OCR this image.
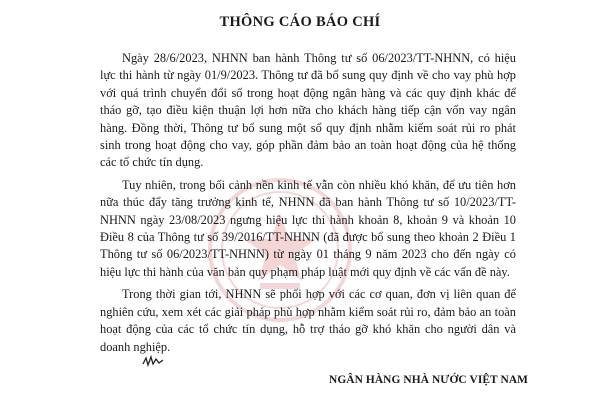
THÔNG CÁO BÁO CHÍ

Ngày 28/6/2023, NHNN ban hành Thông tư số 06/2023/TT-NHNN, có hiệu lực thi hành từ ngày 01/9/2023. Thông tư đã bổ sung quy định về cho vay phù hợp với quá trình chuyển đổi số trong hoạt động ngân hàng và các quy định khác để tháo gỡ, tạo điều kiện thuận lợi hơn nữa cho khách hàng tiếp cận vốn vay ngân hàng. Đồng thời, Thông tư bổ sung một số quy định nhằm kiểm soát rủi ro phát sinh trong hoạt động cho vay, góp phần đảm bảo an toàn hoạt động của hệ thống các tổ chức tín dụng.

Tuy nhiên, trong bối cảnh nền kinh tế vẫn còn nhiều khó khăn, để ưu tiên hơn nữa thúc đẩy tăng trưởng kinh tế, NHNN đã ban hành Thông tư số 10/2023/TT-NHNN ngày 23/08/2023 ngưng hiệu lực thi hành khoản 8, khoản 9 và khoản 10 Điều 8 của Thông tư số 39/2016/TT-NHNN (đã được bổ sung theo khoản 2 Điều 1 Thông tư số 06/2023/TT-NHNN) từ ngày 01 tháng 9 năm 2023 cho đến ngày có hiệu lực thi hành của văn bản quy phạm pháp luật mới quy định về các vấn đề này.

Trong thời gian tới, NHNN sẽ phối hợp với các cơ quan, đơn vị liên quan để nghiên cứu, xem xét các giải pháp phù hợp nhằm kiểm soát rủi ro, đảm bảo an toàn hoạt động của các tổ chức tín dụng, hỗ trợ tháo gỡ khó khăn cho người dân và doanh nghiệp.

NGÂN HÀNG NHÀ NƯỚC VIỆT NAM
